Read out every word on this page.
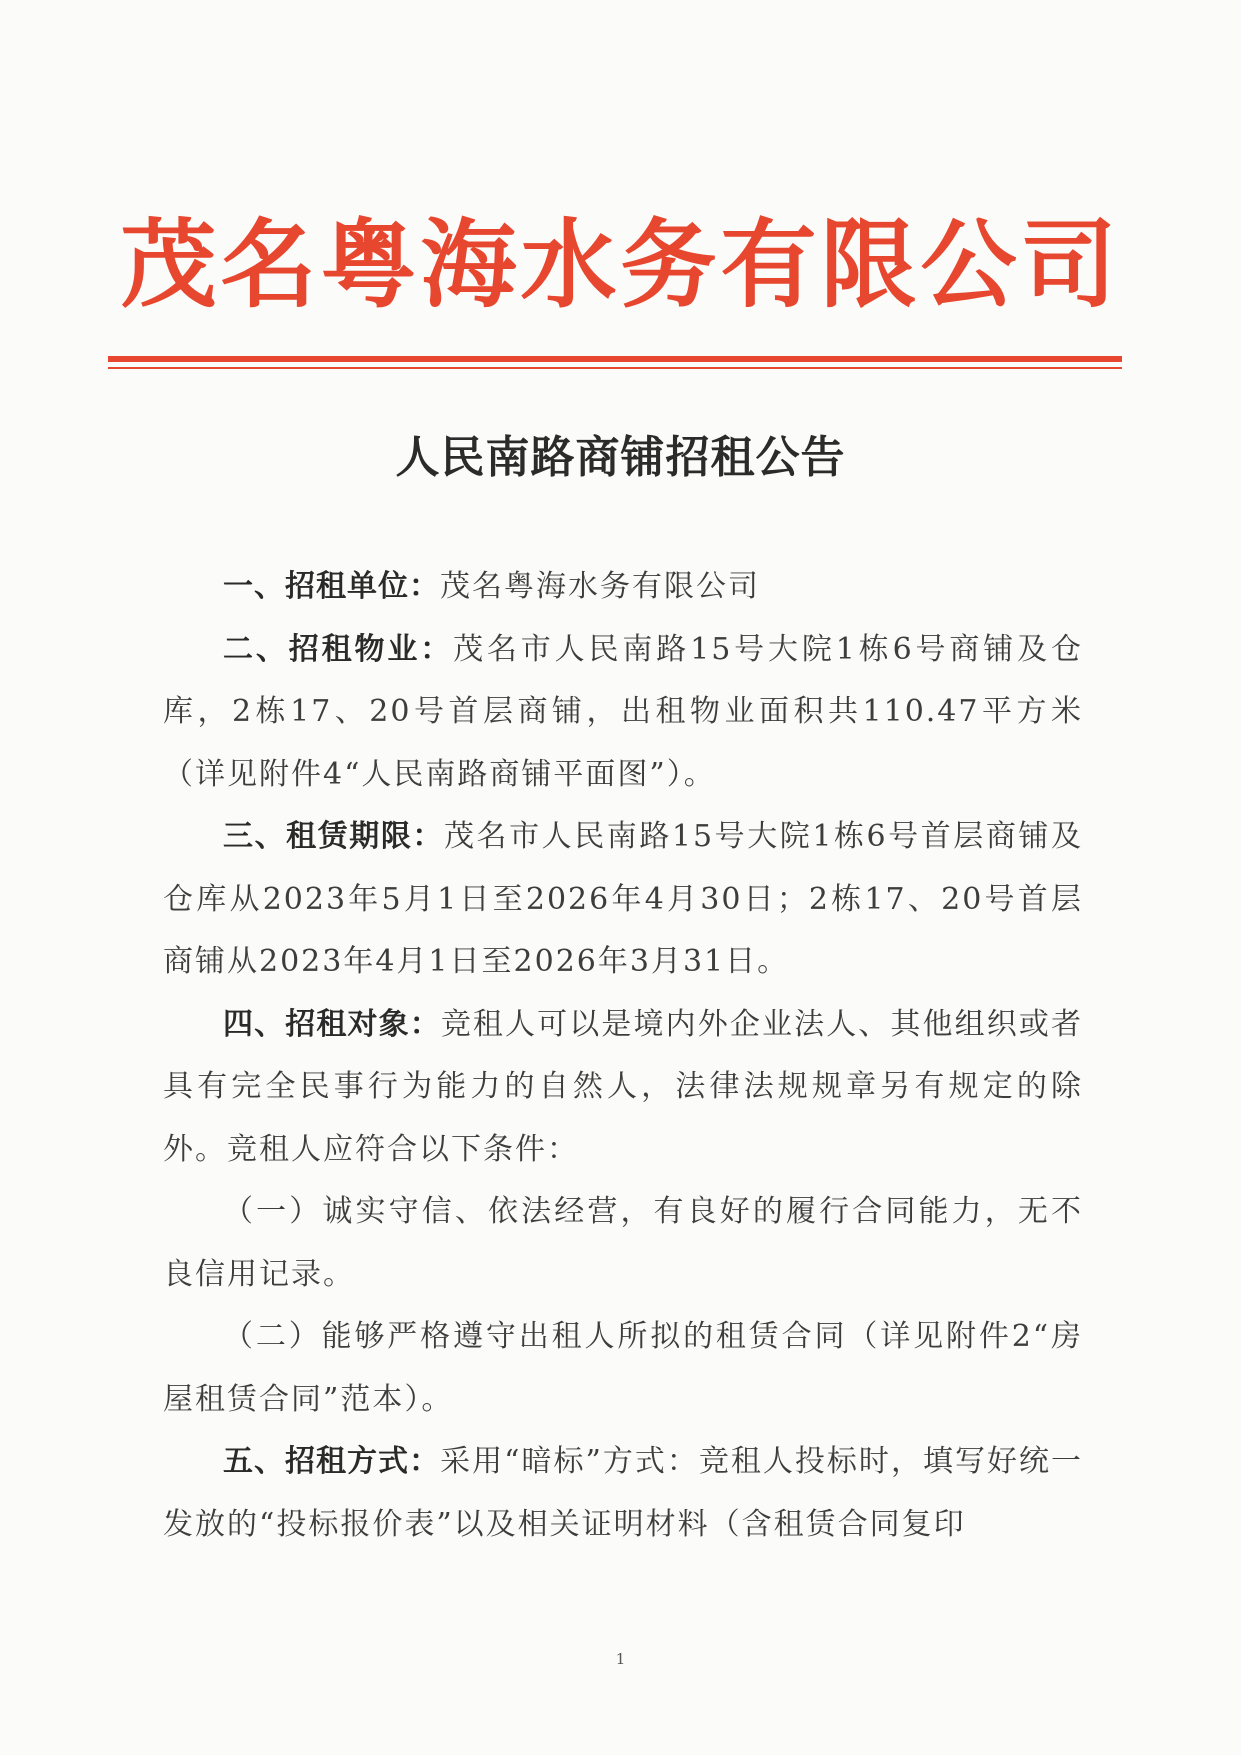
茂名粤海水务有限公司
人民南路商铺招租公告

一、招租单位：茂名粤海水务有限公司

二、招租物业：茂名市人民南路15号大院1栋6号商铺及仓库，2栋17、20号首层商铺，出租物业面积共110.47平方米（详见附件4“人民南路商铺平面图”）。

三、租赁期限：茂名市人民南路15号大院1栋6号首层商铺及仓库从2023年5月1日至2026年4月30日；2栋17、20号首层商铺从2023年4月1日至2026年3月31日。

四、招租对象：竞租人可以是境内外企业法人、其他组织或者具有完全民事行为能力的自然人，法律法规规章另有规定的除外。竞租人应符合以下条件：

（一）诚实守信、依法经营，有良好的履行合同能力，无不良信用记录。

（二）能够严格遵守出租人所拟的租赁合同（详见附件2“房屋租赁合同”范本）。

五、招租方式：采用“暗标”方式：竞租人投标时，填写好统一发放的“投标报价表”以及相关证明材料（含租赁合同复印

1
